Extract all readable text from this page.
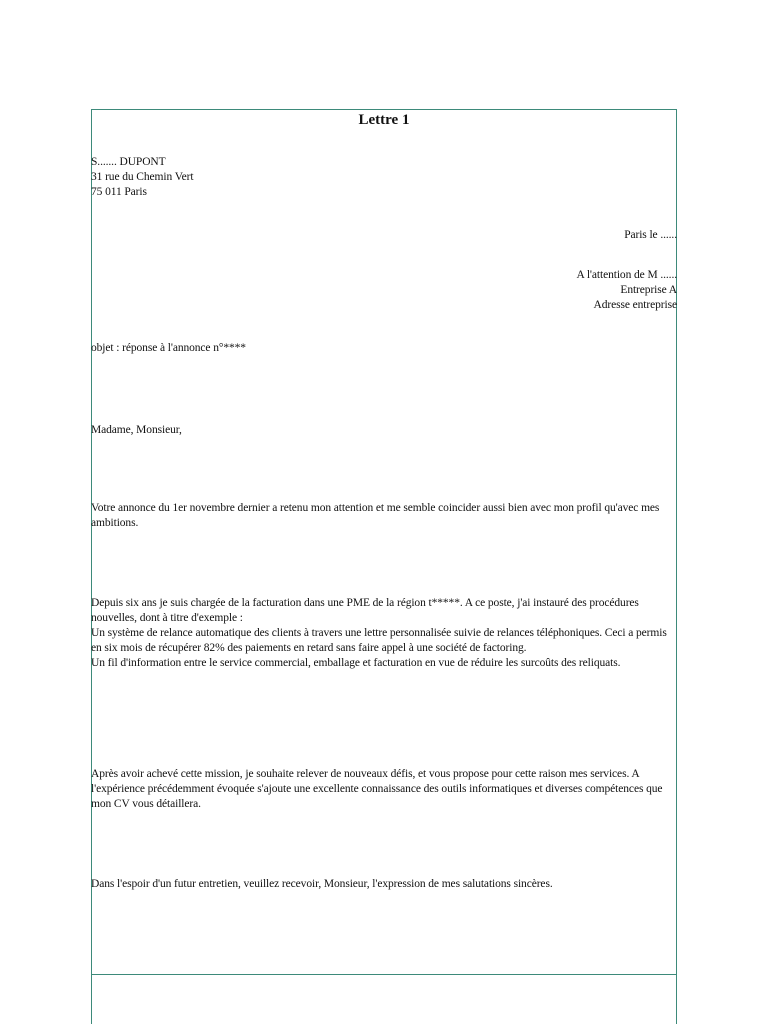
Lettre 1
S....... DUPONT
31 rue du Chemin Vert
75 011 Paris
Paris le ......
A l'attention de M ......
Entreprise A
Adresse entreprise
objet : réponse à l'annonce n°****
Madame, Monsieur,
Votre annonce du 1er novembre dernier a retenu mon attention et me semble coincider aussi bien avec mon profil qu'avec mes ambitions.
Depuis six ans je suis chargée de la facturation dans une PME de la région t*****. A ce poste, j'ai instauré des procédures nouvelles, dont à titre d'exemple :
Un système de relance automatique des clients à travers une lettre personnalisée suivie de relances téléphoniques. Ceci a permis en six mois de récupérer 82% des paiements en retard sans faire appel à une société de factoring.
Un fil d'information entre le service commercial, emballage et facturation en vue de réduire les surcoûts des reliquats.
Après avoir achevé cette mission, je souhaite relever de nouveaux défis, et vous propose pour cette raison mes services. A l'expérience précédemment évoquée s'ajoute une excellente connaissance des outils informatiques et diverses compétences que mon CV vous détaillera.
Dans l'espoir d'un futur entretien, veuillez recevoir, Monsieur, l'expression de mes salutations sincères.
